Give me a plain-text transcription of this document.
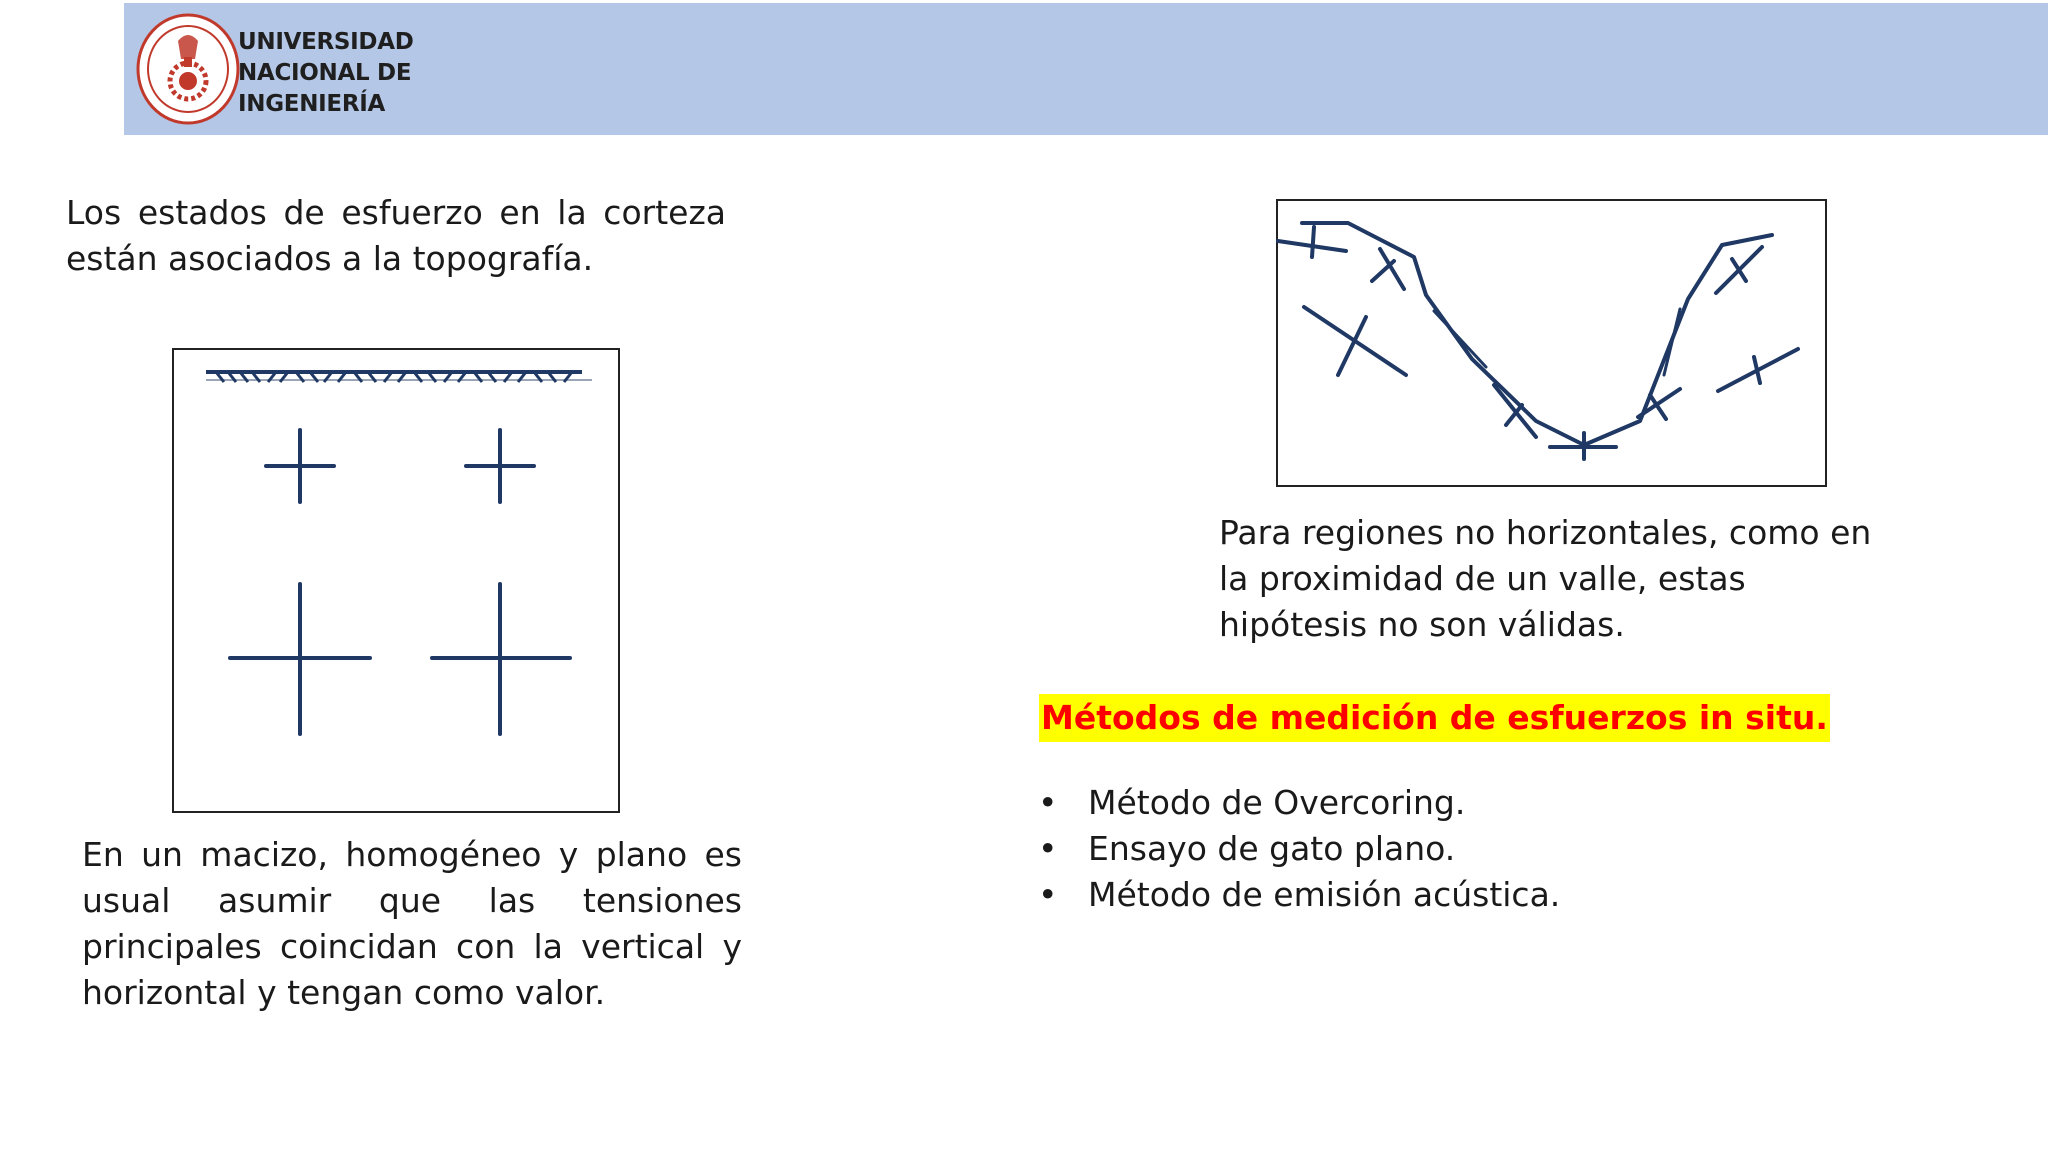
UNIVERSIDAD
NACIONAL DE
INGENIERÍA
Los estados de esfuerzo en la corteza están asociados a la topografía.
En un macizo, homogéneo y plano es usual asumir que las tensiones principales coincidan con la vertical y horizontal y tengan como valor.
Para regiones no horizontales, como en la proximidad de un valle, estas hipótesis no son válidas.
Métodos de medición de esfuerzos in situ.
• Método de Overcoring.
• Ensayo de gato plano.
• Método de emisión acústica.
